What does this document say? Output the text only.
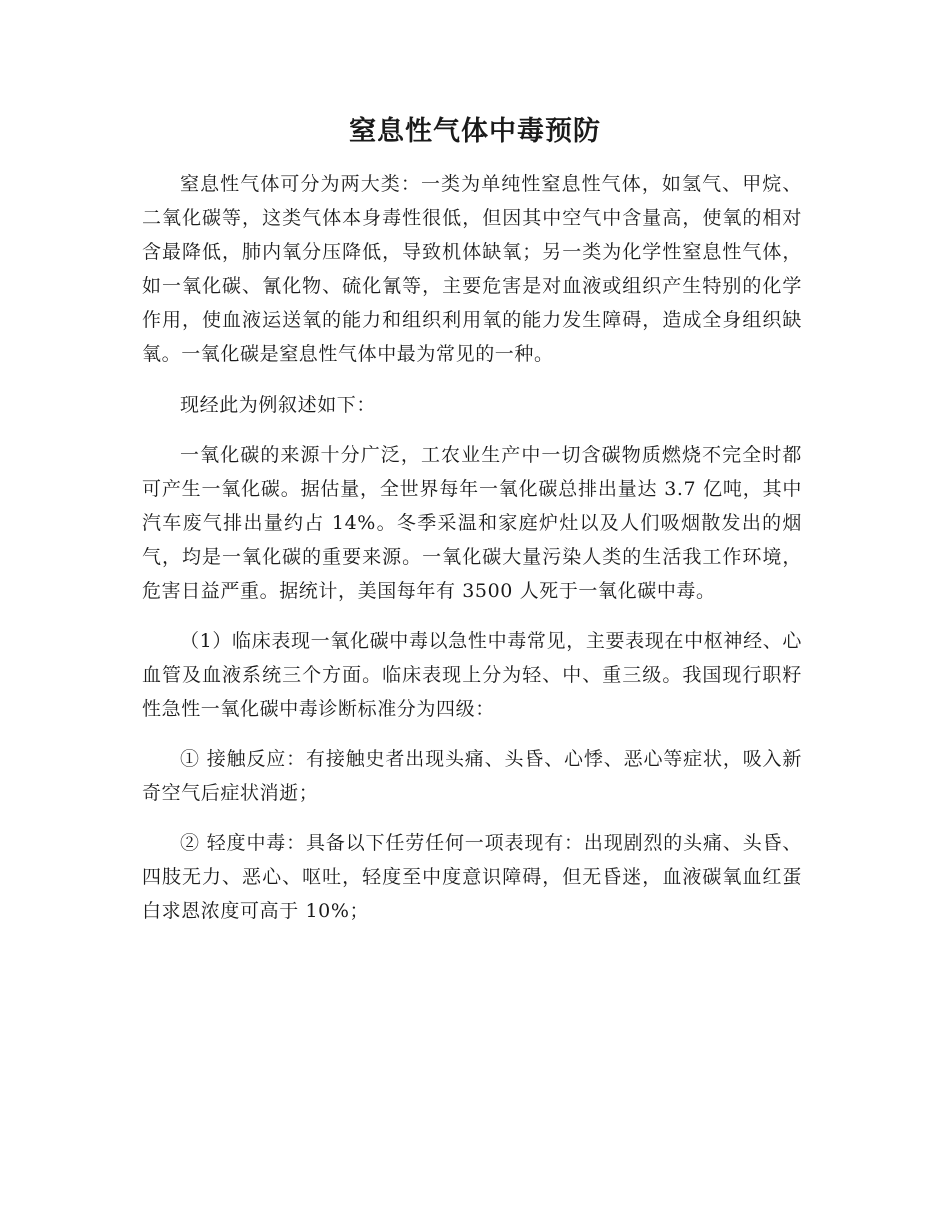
窒息性气体中毒预防

窒息性气体可分为两大类：一类为单纯性窒息性气体，如氢气、甲烷、二氧化碳等，这类气体本身毒性很低，但因其中空气中含量高，使氧的相对含最降低，肺内氧分压降低，导致机体缺氧；另一类为化学性窒息性气体，如一氧化碳、氰化物、硫化氰等，主要危害是对血液或组织产生特别的化学作用，使血液运送氧的能力和组织利用氧的能力发生障碍，造成全身组织缺氧。一氧化碳是窒息性气体中最为常见的一种。

现经此为例叙述如下：

一氧化碳的来源十分广泛，工农业生产中一切含碳物质燃烧不完全时都可产生一氧化碳。据估量，全世界每年一氧化碳总排出量达 3.7 亿吨，其中汽车废气排出量约占 14%。冬季采温和家庭炉灶以及人们吸烟散发出的烟气，均是一氧化碳的重要来源。一氧化碳大量污染人类的生活我工作环境，危害日益严重。据统计，美国每年有 3500 人死于一氧化碳中毒。

（1）临床表现一氧化碳中毒以急性中毒常见，主要表现在中枢神经、心血管及血液系统三个方面。临床表现上分为轻、中、重三级。我国现行职籽性急性一氧化碳中毒诊断标准分为四级：

① 接触反应：有接触史者出现头痛、头昏、心悸、恶心等症状，吸入新奇空气后症状消逝；

② 轻度中毒：具备以下任劳任何一项表现有：出现剧烈的头痛、头昏、四肢无力、恶心、呕吐，轻度至中度意识障碍，但无昏迷，血液碳氧血红蛋白求恩浓度可高于 10%；
